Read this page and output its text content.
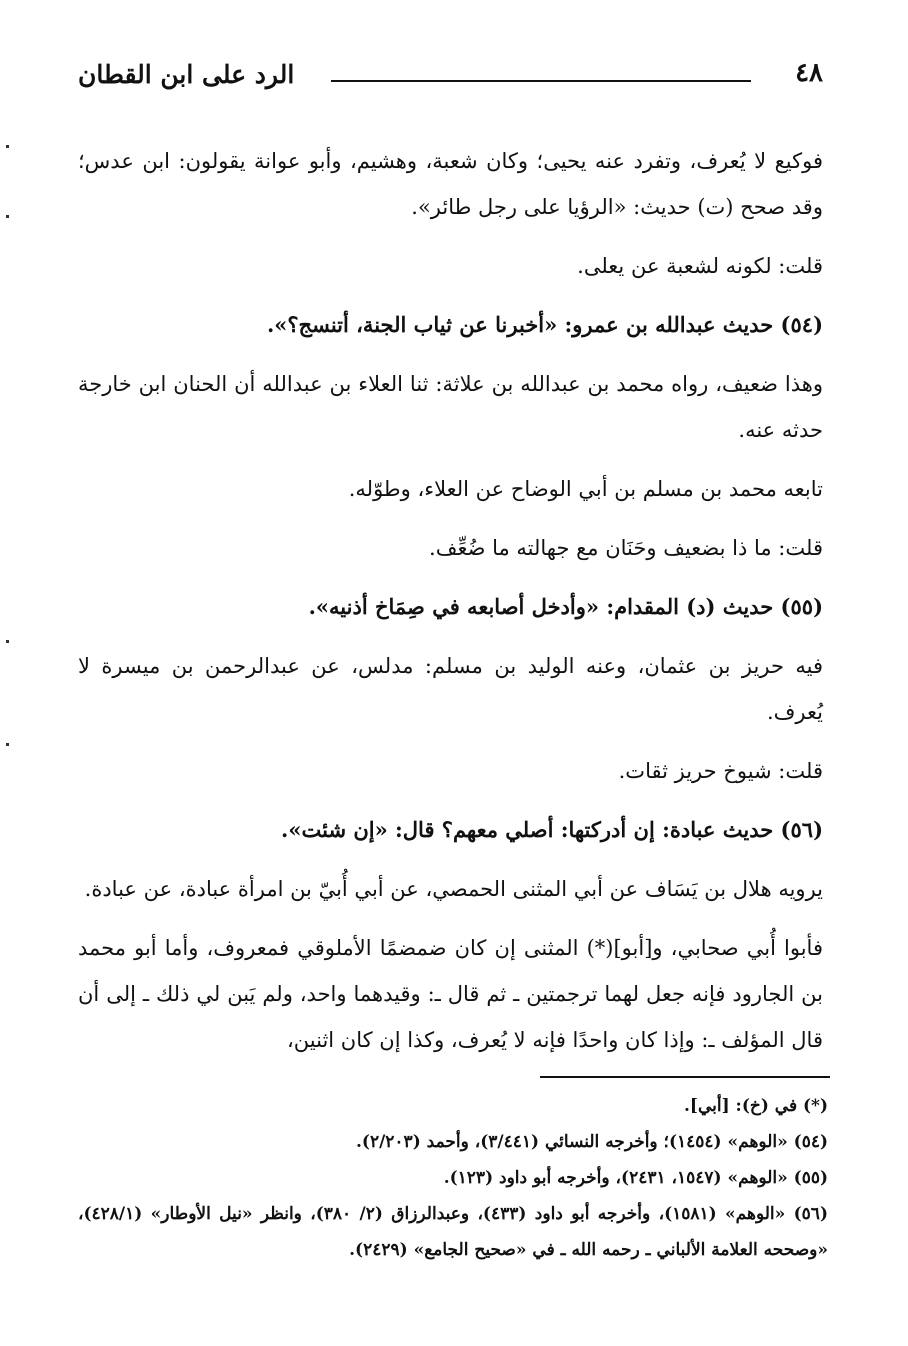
٤٨
الرد على ابن القطان

فوكيع لا يُعرف، وتفرد عنه يحيى؛ وكان شعبة، وهشيم، وأبو عوانة يقولون: ابن عدس؛ وقد صحح (ت) حديث: «الرؤيا على رجل طائر».

قلت: لكونه لشعبة عن يعلى.

(٥٤) حديث عبدالله بن عمرو: «أخبرنا عن ثياب الجنة، أتنسج؟».

وهذا ضعيف، رواه محمد بن عبدالله بن علاثة: ثنا العلاء بن عبدالله أن الحنان ابن خارجة حدثه عنه.

تابعه محمد بن مسلم بن أبي الوضاح عن العلاء، وطوّله.

قلت: ما ذا بضعيف وحَنَان مع جهالته ما ضُعِّف.

(٥٥) حديث (د) المقدام: «وأدخل أصابعه في صِمَاخ أذنيه».

فيه حريز بن عثمان، وعنه الوليد بن مسلم: مدلس، عن عبدالرحمن بن ميسرة لا يُعرف.

قلت: شيوخ حريز ثقات.

(٥٦) حديث عبادة: إن أدركتها: أصلي معهم؟ قال: «إن شئت».

يرويه هلال بن يَسَاف عن أبي المثنى الحمصي، عن أبي أُبيّ بن امرأة عبادة، عن عبادة.

فأبوا أُبي صحابي، و[أبو](*) المثنى إن كان ضمضمًا الأملوقي فمعروف، وأما أبو محمد بن الجارود فإنه جعل لهما ترجمتين ـ ثم قال ـ: وقيدهما واحد، ولم يَبن لي ذلك ـ إلى أن قال المؤلف ـ: وإذا كان واحدًا فإنه لا يُعرف، وكذا إن كان اثنين،

(*) في (خ): [أبي].

(٥٤) «الوهم» (١٤٥٤)؛ وأخرجه النسائي (٣/٤٤١)، وأحمد (٢/٢٠٣).

(٥٥) «الوهم» (١٥٤٧، ٢٤٣١)، وأخرجه أبو داود (١٢٣).

(٥٦) «الوهم» (١٥٨١)، وأخرجه أبو داود (٤٣٣)، وعبدالرزاق (٢/ ٣٨٠)، وانظر «نيل الأوطار» (٤٢٨/١)، «وصححه العلامة الألباني ـ رحمه الله ـ في «صحيح الجامع» (٢٤٢٩).
